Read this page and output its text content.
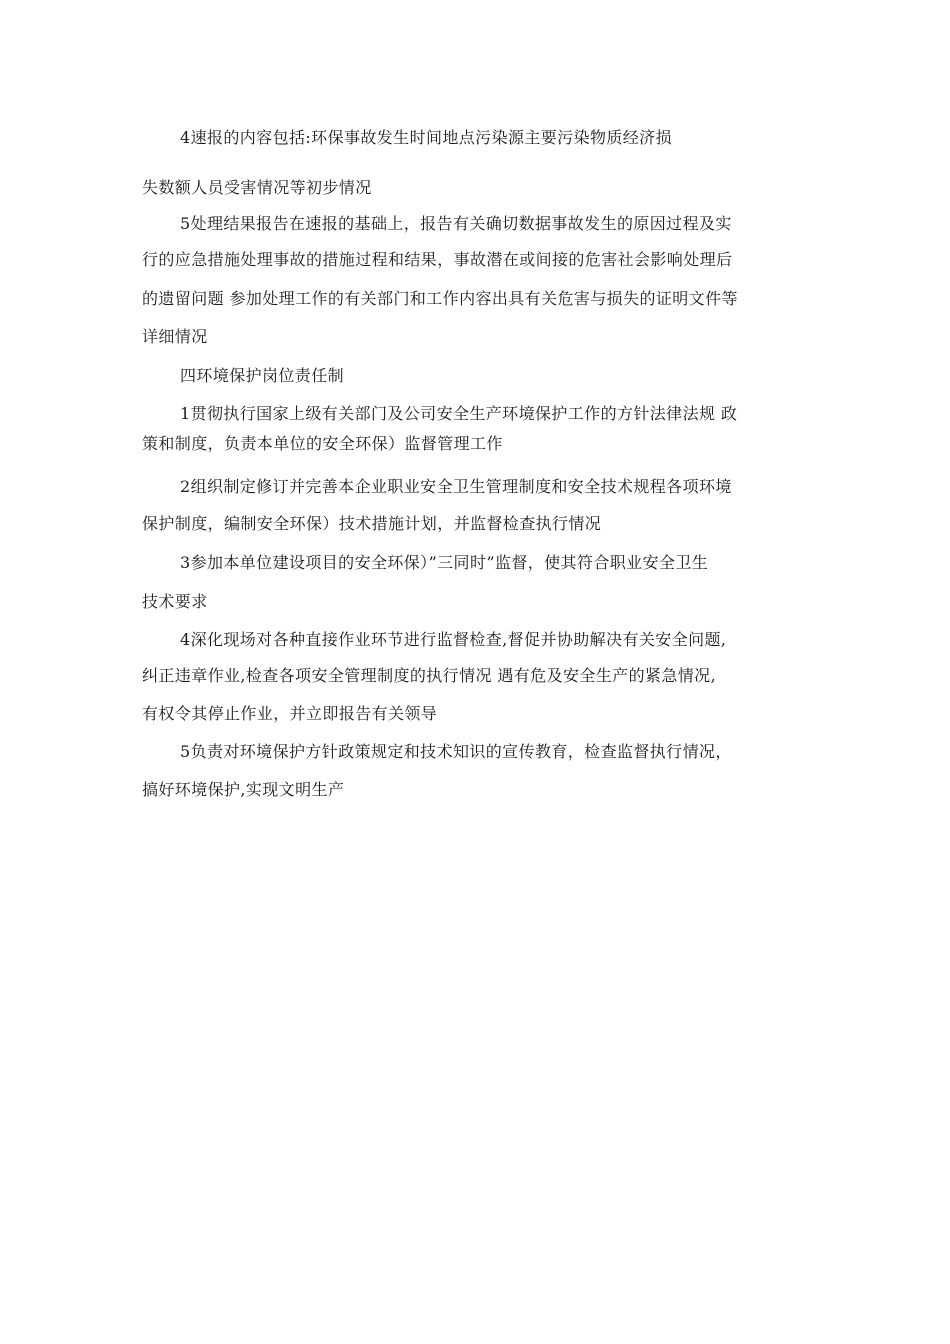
4速报的内容包括:环保事故发生时间地点污染源主要污染物质经济损
失数额人员受害情况等初步情况
5处理结果报告在速报的基础上，报告有关确切数据事故发生的原因过程及实
行的应急措施处理事故的措施过程和结果，事故潜在或间接的危害社会影响处理后
的遗留问题 参加处理工作的有关部门和工作内容出具有关危害与损失的证明文件等
详细情况
四环境保护岗位责任制
1贯彻执行国家上级有关部门及公司安全生产环境保护工作的方针法律法规 政
策和制度，负责本单位的安全环保）监督管理工作
2组织制定修订并完善本企业职业安全卫生管理制度和安全技术规程各项环境
保护制度，编制安全环保）技术措施计划，并监督检查执行情况
3参加本单位建设项目的安全环保）”三同时”监督，使其符合职业安全卫生
技术要求
4深化现场对各种直接作业环节进行监督检查,督促并协助解决有关安全问题,
纠正违章作业,检查各项安全管理制度的执行情况 遇有危及安全生产的紧急情况,
有权令其停止作业，并立即报告有关领导
5负责对环境保护方针政策规定和技术知识的宣传教育，检查监督执行情况，
搞好环境保护,实现文明生产
